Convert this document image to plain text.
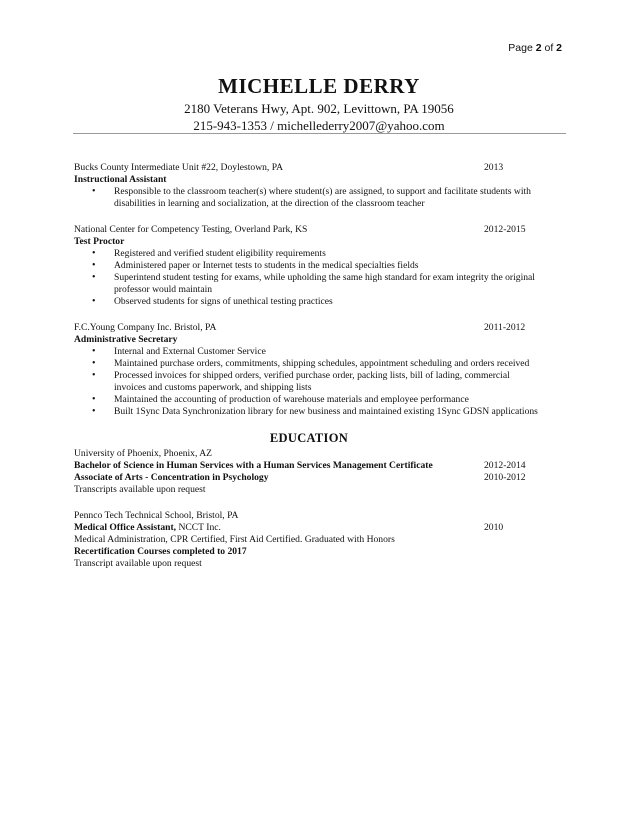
Page 2 of 2
MICHELLE DERRY
2180 Veterans Hwy, Apt. 902, Levittown, PA 19056
215-943-1353 / michellederry2007@yahoo.com
Bucks County Intermediate Unit #22, Doylestown, PA	2013
Instructional Assistant
• Responsible to the classroom teacher(s) where student(s) are assigned, to support and facilitate students with disabilities in learning and socialization, at the direction of the classroom teacher
National Center for Competency Testing, Overland Park, KS	2012-2015
Test Proctor
• Registered and verified student eligibility requirements
• Administered paper or Internet tests to students in the medical specialties fields
• Superintend student testing for exams, while upholding the same high standard for exam integrity the original professor would maintain
• Observed students for signs of unethical testing practices
F.C.Young Company Inc. Bristol, PA	2011-2012
Administrative Secretary
• Internal and External Customer Service
• Maintained purchase orders, commitments, shipping schedules, appointment scheduling and orders received
• Processed invoices for shipped orders, verified purchase order, packing lists, bill of lading, commercial invoices and customs paperwork, and shipping lists
• Maintained the accounting of production of warehouse materials and employee performance
• Built 1Sync Data Synchronization library for new business and maintained existing 1Sync GDSN applications
EDUCATION
University of Phoenix, Phoenix, AZ
Bachelor of Science in Human Services with a Human Services Management Certificate	2012-2014
Associate of Arts - Concentration in Psychology	2010-2012
Transcripts available upon request
Pennco Tech Technical School, Bristol, PA
Medical Office Assistant, NCCT Inc.	2010
Medical Administration, CPR Certified, First Aid Certified. Graduated with Honors
Recertification Courses completed to 2017
Transcript available upon request
